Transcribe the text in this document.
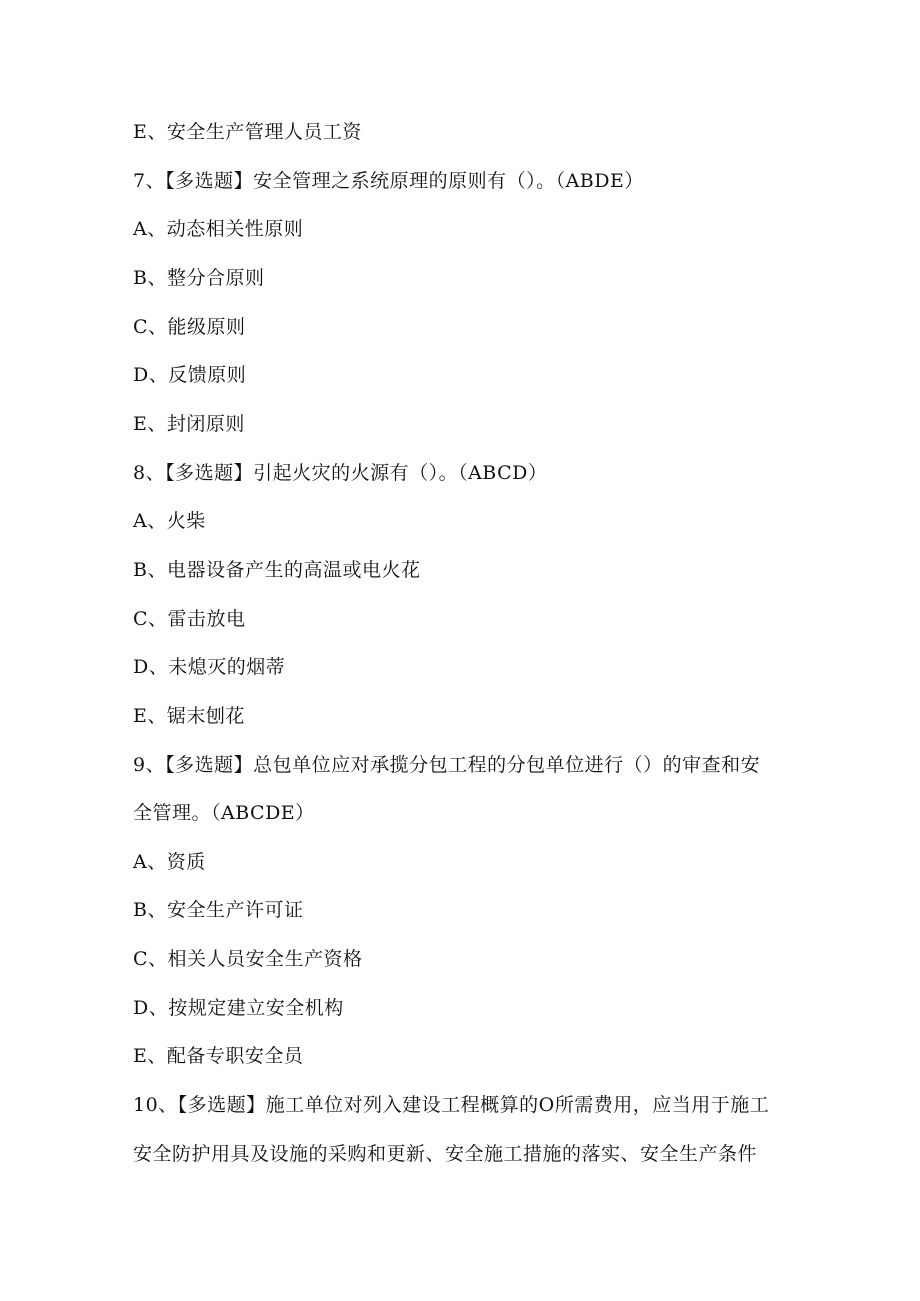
E、安全生产管理人员工资
7、【多选题】安全管理之系统原理的原则有（）。（ABDE）
A、动态相关性原则
B、整分合原则
C、能级原则
D、反馈原则
E、封闭原则
8、【多选题】引起火灾的火源有（）。（ABCD）
A、火柴
B、电器设备产生的高温或电火花
C、雷击放电
D、未熄灭的烟蒂
E、锯末刨花
9、【多选题】总包单位应对承揽分包工程的分包单位进行（）的审查和安
全管理。（ABCDE）
A、资质
B、安全生产许可证
C、相关人员安全生产资格
D、按规定建立安全机构
E、配备专职安全员
10、【多选题】施工单位对列入建设工程概算的O所需费用，应当用于施工
安全防护用具及设施的采购和更新、安全施工措施的落实、安全生产条件
